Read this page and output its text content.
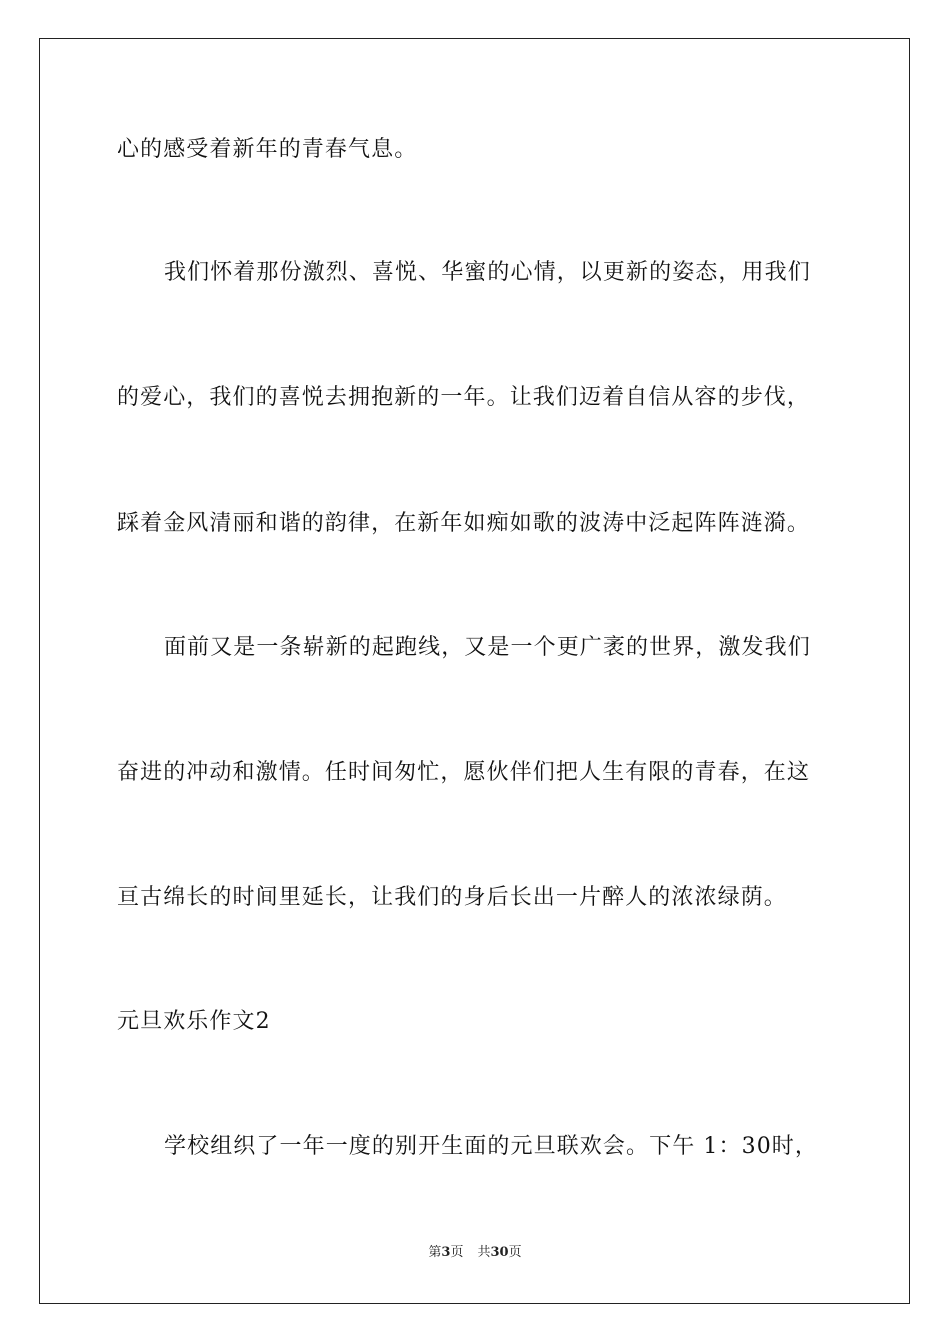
心的感受着新年的青春气息。
我们怀着那份激烈、喜悦、华蜜的心情，以更新的姿态，用我们
的爱心，我们的喜悦去拥抱新的一年。让我们迈着自信从容的步伐，
踩着金风清丽和谐的韵律，在新年如痴如歌的波涛中泛起阵阵涟漪。
面前又是一条崭新的起跑线，又是一个更广袤的世界，激发我们
奋进的冲动和激情。任时间匆忙，愿伙伴们把人生有限的青春，在这
亘古绵长的时间里延长，让我们的身后长出一片醉人的浓浓绿荫。
元旦欢乐作文2
学校组织了一年一度的别开生面的元旦联欢会。下午 1：30时，
第3页 共30页
